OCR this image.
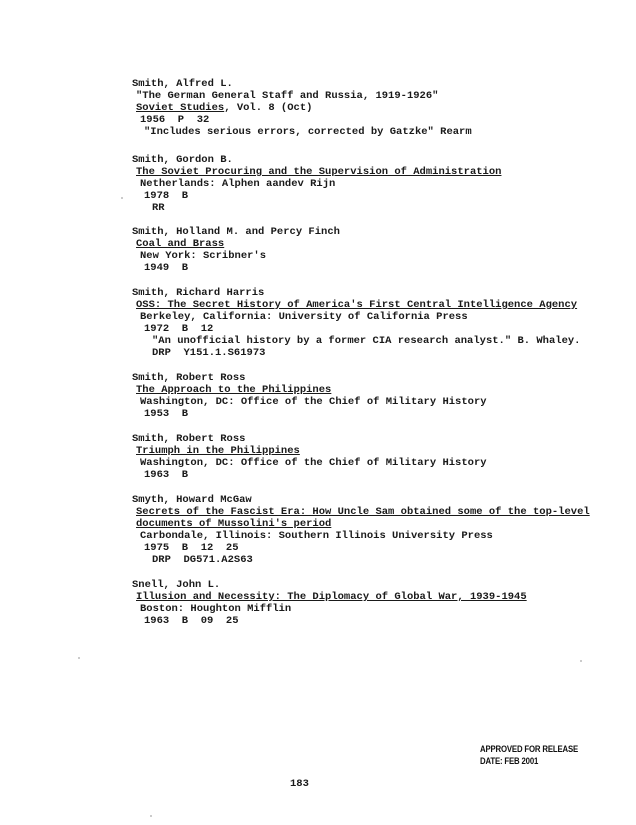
Smith, Alfred L.
"The German General Staff and Russia, 1919-1926"
Soviet Studies, Vol. 8 (Oct)
1956  P  32
"Includes serious errors, corrected by Gatzke" Rearm
Smith, Gordon B.
The Soviet Procuring and the Supervision of Administration
Netherlands: Alphen aandev Rijn
1978  B
RR
Smith, Holland M. and Percy Finch
Coal and Brass
New York: Scribner's
1949  B
Smith, Richard Harris
OSS: The Secret History of America's First Central Intelligence Agency
Berkeley, California: University of California Press
1972  B  12
"An unofficial history by a former CIA research analyst." B. Whaley.
DRP  Y151.1.S61973
Smith, Robert Ross
The Approach to the Philippines
Washington, DC: Office of the Chief of Military History
1953  B
Smith, Robert Ross
Triumph in the Philippines
Washington, DC: Office of the Chief of Military History
1963  B
Smyth, Howard McGaw
Secrets of the Fascist Era: How Uncle Sam obtained some of the top-level
documents of Mussolini's period
Carbondale, Illinois: Southern Illinois University Press
1975  B  12  25
DRP  DG571.A2S63
Snell, John L.
Illusion and Necessity: The Diplomacy of Global War, 1939-1945
Boston: Houghton Mifflin
1963  B  09  25
APPROVED FOR RELEASE
DATE: FEB 2001
183
